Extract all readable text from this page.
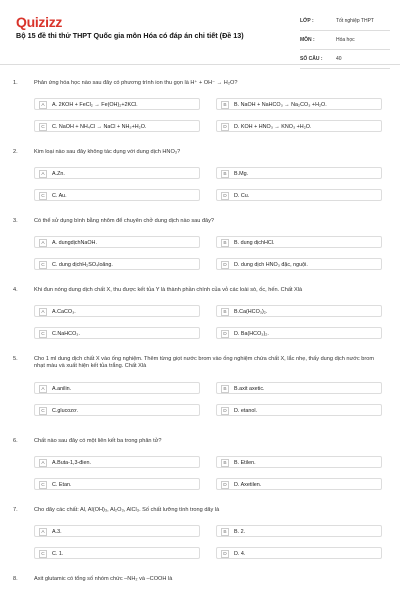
Quizizz
Bộ 15 đề thi thử THPT Quốc gia môn Hóa có đáp án chi tiết (Đề 13)
LỚP :	Tốt nghiệp THPT
MÔN :	Hóa học
SỐ CÂU :	40
1.	Phản ứng hóa học nào sau đây có phương trình ion thu gọn là H⁺ + OH⁻ → H₂O?
A	A. 2KOH + FeCl₂ → Fe(OH)₂+2KCl.	B	B. NaOH + NaHCO₃ → Na₂CO₃ +H₂O.
C	C. NaOH + NH₄Cl → NaCl + NH₃+H₂O.	D	D. KOH + HNO₃ → KNO₃ +H₂O.
2.	Kim loại nào sau đây không tác dụng với dung dịch HNO₃?
A	A.Zn.	B	B.Mg.
C	C. Au.	D	D. Cu.
3.	Có thể sử dụng bình bằng nhôm để chuyên chở dung dịch nào sau đây?
A	A. dungdịchNaOH.	B	B. dung dịchHCl.
C	C. dung dịchH₂SO₄loãng.	D	D. dung dịch HNO₃ đặc, nguội.
4.	Khi đun nóng dung dịch chất X, thu được kết tủa Y là thành phần chính của vỏ các loài sò, ốc, hến. Chất Xlà
A	A.CaCO₃.	B	B.Ca(HCO₃)₂.
C	C.NaHCO₃.	D	D. Ba(HCO₃)₂.
5.	Cho 1 ml dung dịch chất X vào ống nghiệm. Thêm từng giọt nước brom vào ống nghiệm chứa chất X, lắc nhẹ, thấy dung dịch nước brom nhạt màu và xuất hiện kết tủa trắng. Chất Xlà
A	A.anilin.	B	B.axit axetic.
C	C.glucozơ.	D	D. etanol.
6.	Chất nào sau đây có một liên kết ba trong phân tử?
A	A.Buta-1,3-đien.	B	B. Etilen.
C	C. Etan.	D	D. Axetilen.
7.	Cho dãy các chất: Al, Al(OH)₃, Al₂O₃, AlCl₃. Số chất lưỡng tính trong dãy là
A	A.3.	B	B. 2.
C	C. 1.	D	D. 4.
8.	Axit glutamic có tổng số nhóm chức –NH₂ và –COOH là
